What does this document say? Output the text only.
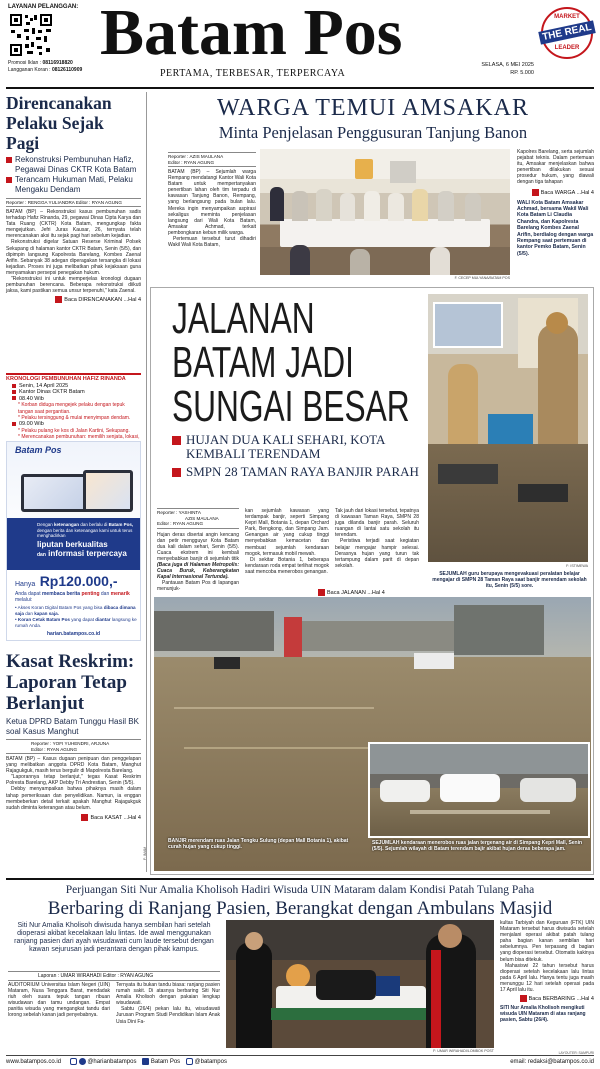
LAYANAN PELANGGAN:
Promosi Iklan : 08116918820
Langganan Koran : 08126110909
Batam Pos
PERTAMA, TERBESAR, TERPERCAYA
SELASA, 6 MEI 2025
RP. 5.000
MARKET
THE REAL
LEADER
Direncanakan Pelaku Sejak Pagi
Rekonstruksi Pembunuhan Hafiz, Pegawai Dinas CKTR Kota Batam
Terancam Hukuman Mati, Pelaku Mengaku Dendam
Reporter : RENGGA YULIANDRA Editor : RYAN AGUNG

BATAM (BP) – Rekonstruksi kasus pembunuhan sadis terhadap Hafiz Rinanda, 29, pegawai Dinas Cipta Karya dan Tata Ruang (CKTR) Kota Batam, mengungkap fakta mengejutkan. Jefri Juras Kausar, 26, ternyata telah merencanakan aksi itu sejak pagi hari sebelum kejadian.

Rekonstruksi digelar Satuan Reserse Kriminal Polsek Sekupang di halaman kantor CKTR Batam, Senin (5/5), dan dipimpin langsung Kapolresta Barelang, Kombes Zaenal Arifin. Sebanyak 38 adegan diperagakan tersangka di lokasi kejadian. Proses ini juga melibatkan pihak kejaksaan guna menyamakan persepsi penegakan hukum.

"Rekonstruksi ini untuk memperjelas kronologi dugaan pembunuhan berencana. Beberapa rekonstruksi diikuti jaksa, kami pastikan semua unsur terpenuhi," kata Zaenal.

Baca DIRENCANAKAN ...Hal 4
KRONOLOGI PEMBUNUHAN HAFIZ RINANDA
Senin, 14 April 2025
Kantor Dinas CKTR Batam
08.40 Wib
* Korban diduga mengejek pelaku dengan tepuk tangan saat pergantian.
* Pelaku tersinggung & mulai menyimpan dendam.
09.00 Wib
* Pelaku pulang ke kos di Jalan Kartini, Sekupang.
* Merencanakan pembunuhan: memilih senjata, lokasi,
Batam Pos
Dengan ketenangan dan berlalu di Batam Pos, dengan berita dan ketenangan kami untuk terus menghadirkan
liputan berkualitas
dan informasi terpercaya
Hanya Rp120.000,-
Anda dapat membaca berita penting dan menarik melalui:
• Akses Koran Digital Batam Pos yang bisa dibaca dimana saja dan kapan saja.
• Koran Cetak Batam Pos yang dapat diantar langsung ke rumah Anda.
harian.batampos.co.id
Kasat Reskrim: Laporan Tetap Berlanjut
Ketua DPRD Batam Tunggu Hasil BK soal Kasus Manghut
Reporter : YOFI YUHENDRI, ARJUNA
Editor : RYAN AGUNG

BATAM (BP) – Kasus dugaan penipuan dan penggelapan yang melibatkan anggota DPRD Kota Batam, Manghut Rajagukguk, masih terus bergulir di Mapolresta Barelang.

"Laporannya tetap berlanjut," tegas Kasat Reskrim Polresta Barelang, AKP Debby Tri Andrestian, Senin (5/5).

Debby menyampaikan bahwa pihaknya masih dalam tahap pemeriksaan dan penyelidikan. Namun, ia enggan membeberkan detail terkait apakah Manghut Rajagukguk sudah diminta keterangan atau belum.

Baca KASAT ...Hal 4
WARGA TEMUI AMSAKAR
Minta Penjelasan Penggusuran Tanjung Banon
Reporter : AZIS MAULANA
Editor : RYAN AGUNG

BATAM (BP) – Sejumlah warga Rempang mendatangi Kantor Wali Kota Batam untuk mempertanyakan penertiban lahan oleh tim terpadu di kawasan Tanjung Banon, Rempang, yang berlangsung pada bulan lalu. Mereka ingin menyampaikan aspirasi sekaligus meminta penjelasan langsung dari Wali Kota Batam, Amsakar Achmad, terkait pembongkaran kebun milik warga.

Pertemuan tersebut turut dihadiri Wakil Wali Kota Batam,

F. CECEP MULYANA/BATAM POS

Kapolres Barelang, serta sejumlah pejabat teknis. Dalam pertemuan itu, Amsakar menjelaskan bahwa penertiban dilakukan sesuai prosedur hukum, yang diawali dengan tiga tahapan

Baca WARGA ...Hal 4
WALI Kota Batam Amsakar Achmad, bersama Wakil Wali Kota Batam Li Claudia Chandra, dan Kapolresta Barelang Kombes Zaenal Arifin, berdialog dengan warga Rempang saat pertemuan di kantor Pemko Batam, Senin (5/5).
JALANAN
BATAM JADI
SUNGAI BESAR
HUJAN DUA KALI SEHARI, KOTA KEMBALI TERENDAM
SMPN 28 TAMAN RAYA BANJIR PARAH
Reporter : YASHINTA
AZIS MAULANA
Editor : RYAN AGUNG

Hujan deras disertai angin kencang dan petir mengguyur Kota Batam dua kali dalam sehari, Senin (5/5). Cuaca ekstrem ini kembali menyebabkan banjir di sejumlah titik (Baca juga di Halaman Metropolis: Cuaca Buruk, Keberangkatan Kapal Internasional Tertunda).

Pantauan Batam Pos di lapangan menunjuk-

kan sejumlah kawasan yang terdampak banjir, seperti Simpang Kepri Mall, Botania 1, depan Orchard Park, Bengkong, dan Simpang Jam. Genangan air yang cukup tinggi menyebabkan kemacetan dan membuat sejumlah kendaraan mogok, termasuk mobil mewah.

Di sekitar Botania 1, beberapa kendaraan roda empat terlihat mogok saat mencoba menerobos genangan.

Tak jauh dari lokasi tersebut, tepatnya di kawasan Taman Raya, SMPN 28 juga dilanda banjir parah. Seluruh ruangan di lantai satu sekolah itu terendam.

Peristiwa terjadi saat kegiatan belajar mengajar hampir selesai. Derasnya hujan yang turun tak tertampung dalam parit di depan sekolah.

Baca JALANAN ...Hal 4
F: ISTIMEWA
SEJUMLAH guru berupaya mengevakuasi peralatan belajar mengajar di SMPN 28 Taman Raya saat banjir merendam sekolah itu, Senin (5/5) sore.
BANJIR merendam ruas Jalan Tengku Sulung (depan Mall Botania 1), akibat curah hujan yang cukup tinggi.
SEJUMLAH kendaraan menerobos ruas jalan tergenang air di Simpang Kepri Mall, Senin (5/5). Sejumlah wilayah di Batam terendam bajir akibat hujan deras beberapa jam.
F: IMAM
Perjuangan Siti Nur Amalia Kholisoh Hadiri Wisuda UIN Mataram dalam Kondisi Patah Tulang Paha
Berbaring di Ranjang Pasien, Berangkat dengan Ambulans Masjid
Siti Nur Amalia Kholisoh diwisuda hanya sembilan hari setelah dioperasi akibat kecelakaan lalu lintas. Ide awal menggunakan ranjang pasien dari ayah wisudawati cum laude tersebut dengan kawan sejurusan jadi perantara dengan pihak kampus.
Laporan : UMAR WIRAHADI Editor : RYAN AGUNG

AUDITORIUM Universitas Islam Negeri (UIN) Mataram, Nusa Tenggara Barat, mendadak riuh oleh suara tepuk tangan ribuan wisudawan dan tamu undangan. Empat panitia wisuda yang mengangkat tandu dari lorong sebelah kanan jadi penyebabnya.

Ternyata itu bukan tandu biasa: ranjang pasien rumah sakit. Di atasnya berbaring Siti Nur Amalia Kholisoh dengan pakaian lengkap wisudawati.

Sabtu (26/4) pekan lalu itu, wisudawati Jurusan Program Studi Pendidikan Islam Anak Usia Dini Fa-

F: UMAR WIRAHADI/LOMBOK POST

kultas Tarbiyah dan Keguruan (FTK) UIN Mataram tersebut harus diwisuda setelah menjalani operasi akibat patah tulang paha bagian kanan sembilan hari sebelumnya. Pen terpasang di bagian yang dioperasi tersebut. Otomatis kakinya belum bisa ditekuk.

Mahasiswi 22 tahun tersebut harus dioperasi setelah kecelakaan lalu lintas pada 6 April lalu. Hanya tentu juga masih menunggu 12 hari setelah operasi pada 17 April lalu itu.

Baca BERBARING ...Hal 4
SITI Nur Amalia Kholisoh mengikuti wisuda UIN Mataram di atas ranjang pasien, Sabtu (26/4).
www.batampos.co.id	@harianbatampos Batam Pos @batampos	email: redaksi@batampos.co.id
LAYOUTER: SAMPURI
